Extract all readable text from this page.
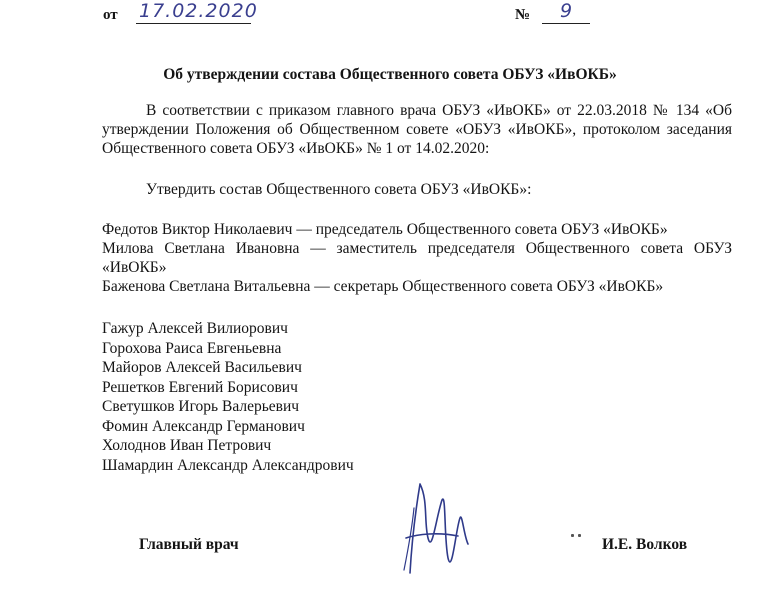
от 17.02.2020	№ 9
Об утверждении состава Общественного совета ОБУЗ «ИвОКБ»
В соответствии с приказом главного врача ОБУЗ «ИвОКБ» от 22.03.2018 № 134 «Об утверждении Положения об Общественном совете «ОБУЗ «ИвОКБ», протоколом заседания Общественного совета ОБУЗ «ИвОКБ» № 1 от 14.02.2020:
Утвердить состав Общественного совета ОБУЗ «ИвОКБ»:
Федотов Виктор Николаевич — председатель Общественного совета ОБУЗ «ИвОКБ»
Милова Светлана Ивановна — заместитель председателя Общественного совета ОБУЗ «ИвОКБ»
Баженова Светлана Витальевна — секретарь Общественного совета ОБУЗ «ИвОКБ»
Гажур Алексей Вилиорович
Горохова Раиса Евгеньевна
Майоров Алексей Васильевич
Решетков Евгений Борисович
Светушков Игорь Валерьевич
Фомин Александр Германович
Холоднов Иван Петрович
Шамардин Александр Александрович
Главный врач	И.Е. Волков
